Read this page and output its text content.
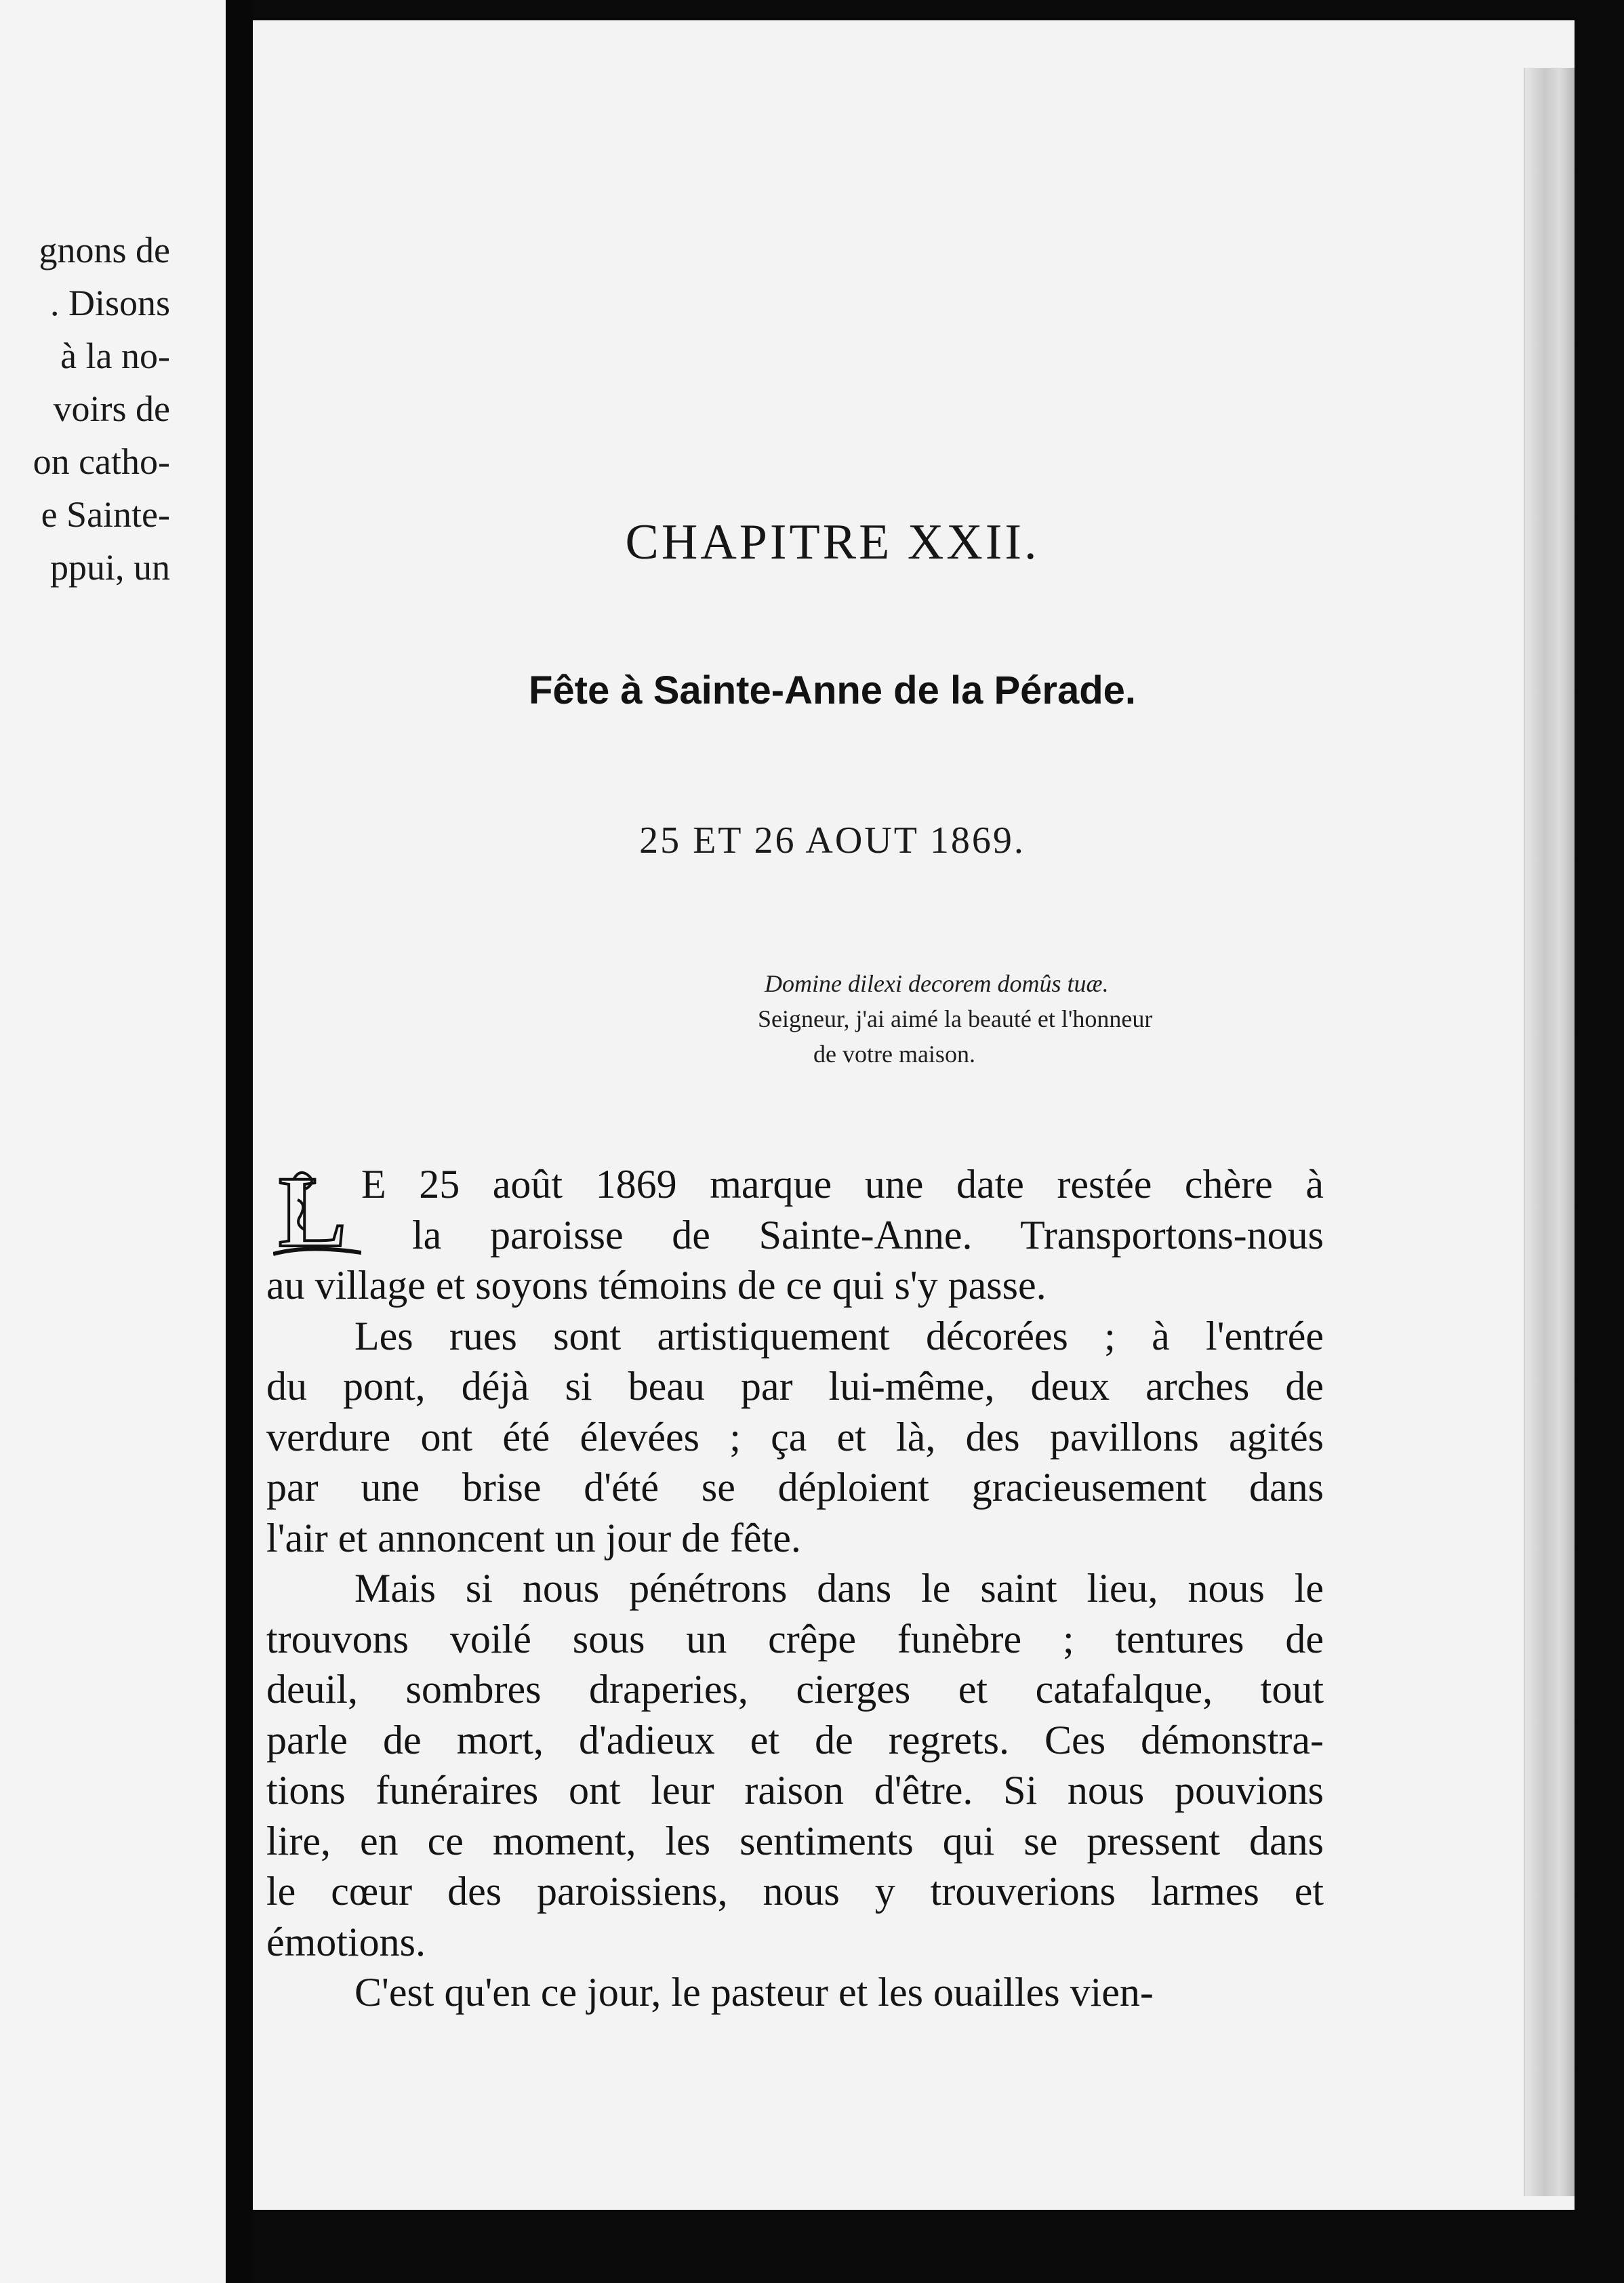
gnons de
. Disons
à la no-
voirs de
on catho-
e Sainte-
ppui, un	CHAPITRE XXII.
Fête à Sainte-Anne de la Pérade.
25 ET 26 AOUT 1869.
Domine dilexi decorem domûs tuæ.
Seigneur, j'ai aimé la beauté et l'honneur
de votre maison.
L E 25 août 1869 marque une date restée chère à
la paroisse de Sainte-Anne. Transportons-nous
au village et soyons témoins de ce qui s'y passe.
Les rues sont artistiquement décorées ; à l'entrée
du pont, déjà si beau par lui-même, deux arches de
verdure ont été élevées ; ça et là, des pavillons agités
par une brise d'été se déploient gracieusement dans
l'air et annoncent un jour de fête.
Mais si nous pénétrons dans le saint lieu, nous le
trouvons voilé sous un crêpe funèbre ; tentures de
deuil, sombres draperies, cierges et catafalque, tout
parle de mort, d'adieux et de regrets. Ces démonstra-
tions funéraires ont leur raison d'être. Si nous pouvions
lire, en ce moment, les sentiments qui se pressent dans
le cœur des paroissiens, nous y trouverions larmes et
émotions.
C'est qu'en ce jour, le pasteur et les ouailles vien-
